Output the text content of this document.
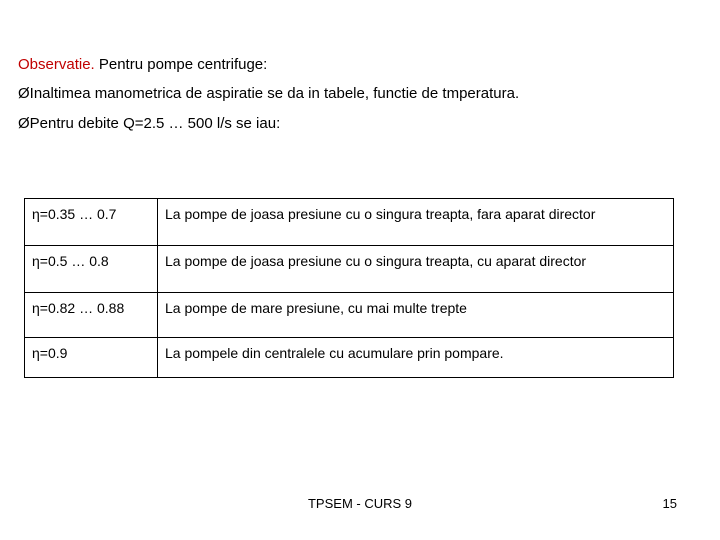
Observatie. Pentru pompe centrifuge:
ØInaltimea manometrica de aspiratie se da in tabele, functie de tmperatura.
ØPentru debite Q=2.5 … 500 l/s se iau:
η=0.35 … 0.7	La pompe de joasa presiune cu o singura treapta, fara aparat director
η=0.5 … 0.8	La pompe de joasa presiune cu o singura treapta, cu aparat director
η=0.82 … 0.88	La pompe de mare presiune, cu mai multe trepte
η=0.9	La pompele din centralele cu acumulare prin pompare.
TPSEM - CURS 9	15
